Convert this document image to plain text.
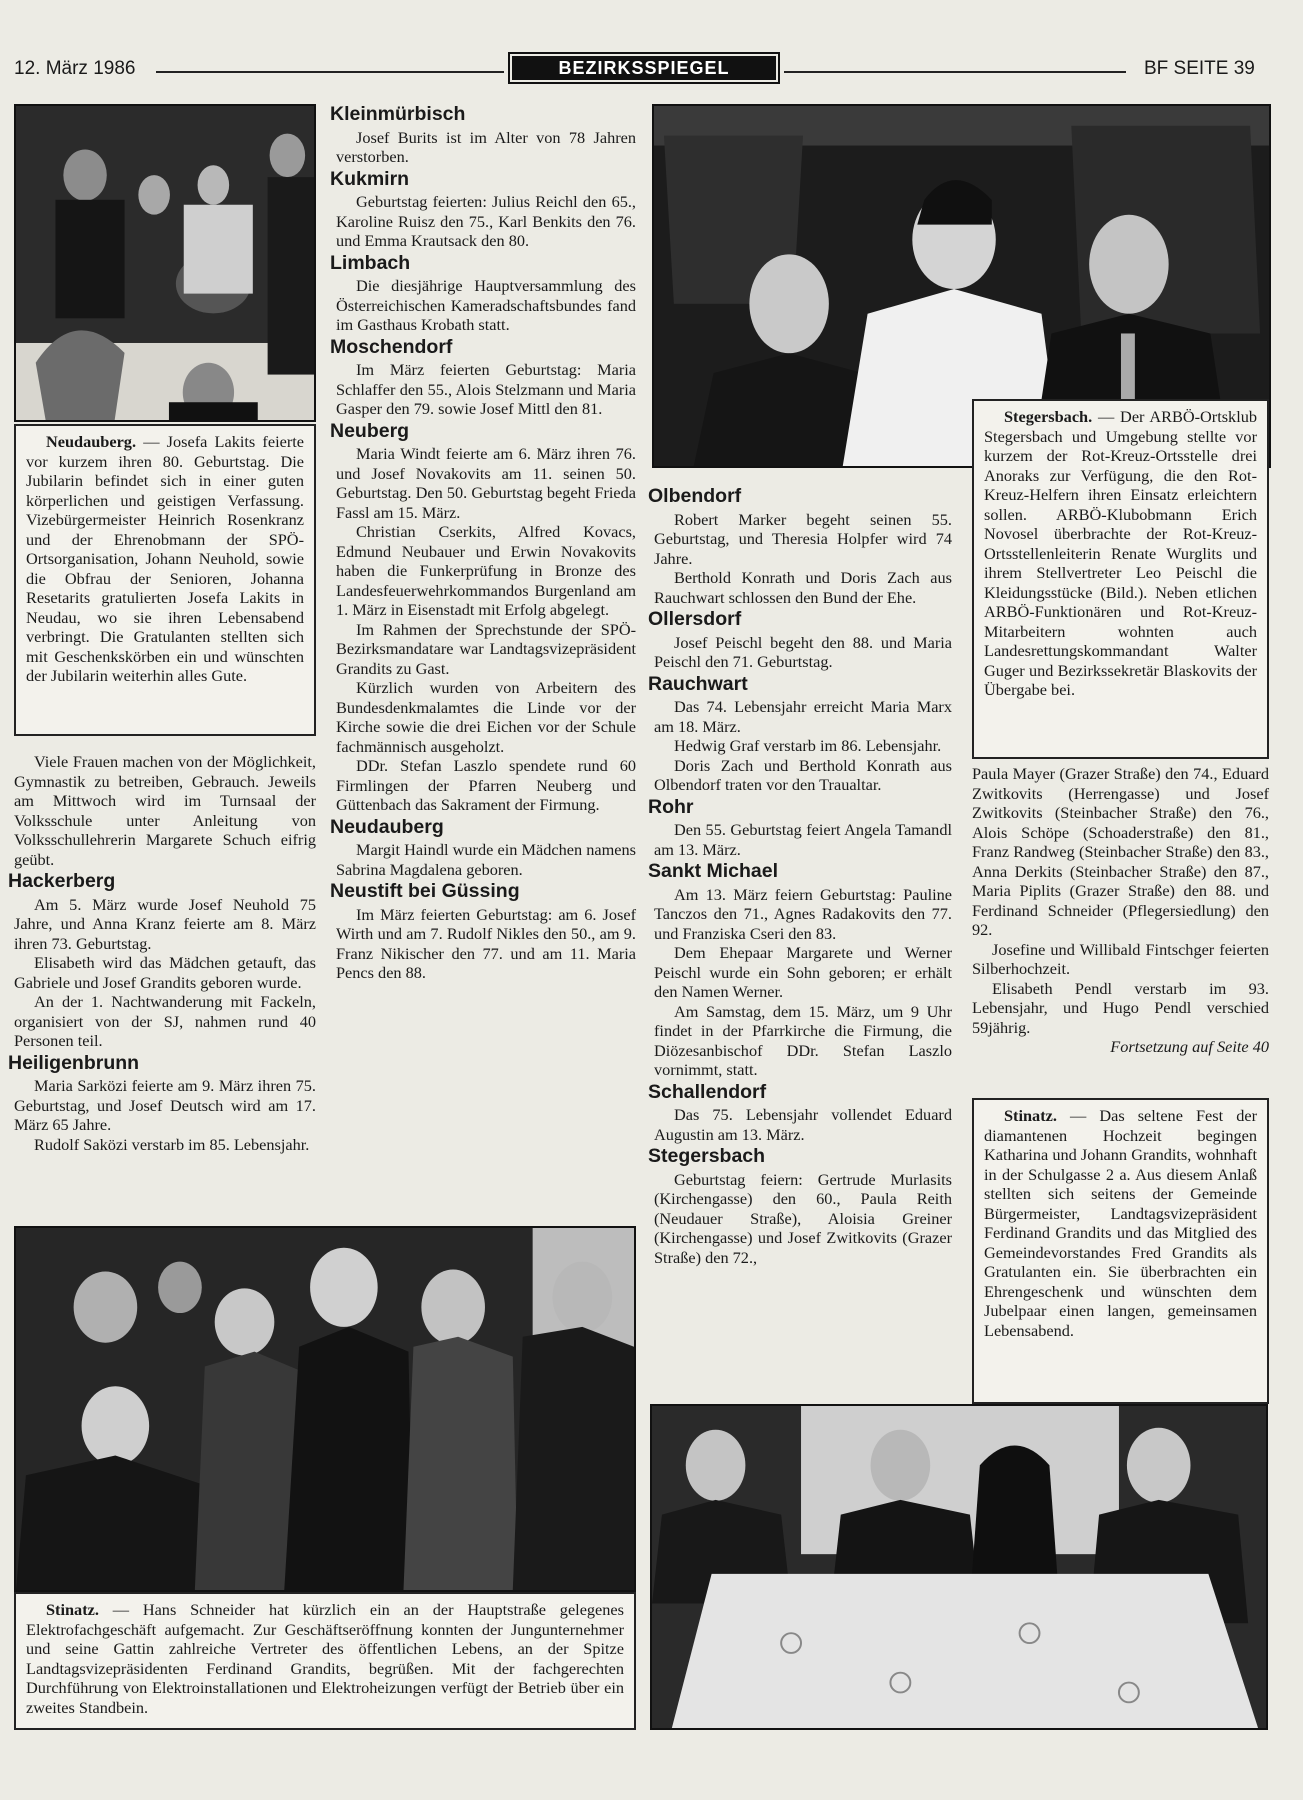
12. März 1986	BEZIRKSSPIEGEL	BF SEITE 39

Neudauberg. — Josefa Lakits feierte vor kurzem ihren 80. Geburtstag. Die Jubilarin befindet sich in einer guten körperlichen und geistigen Verfassung. Vizebürgermeister Heinrich Rosenkranz und der Ehrenobmann der SPÖ-Ortsorganisation, Johann Neuhold, sowie die Obfrau der Senioren, Johanna Resetarits gratulierten Josefa Lakits in Neudau, wo sie ihren Lebensabend verbringt. Die Gratulanten stellten sich mit Geschenkskörben ein und wünschten der Jubilarin weiterhin alles Gute.

Viele Frauen machen von der Möglichkeit, Gymnastik zu betreiben, Gebrauch. Jeweils am Mittwoch wird im Turnsaal der Volksschule unter Anleitung von Volksschullehrerin Margarete Schuch eifrig geübt.

Hackerberg

Am 5. März wurde Josef Neuhold 75 Jahre, und Anna Kranz feierte am 8. März ihren 73. Geburtstag.

Elisabeth wird das Mädchen getauft, das Gabriele und Josef Grandits geboren wurde.

An der 1. Nachtwanderung mit Fackeln, organisiert von der SJ, nahmen rund 40 Personen teil.

Heiligenbrunn

Maria Sarközi feierte am 9. März ihren 75. Geburtstag, und Josef Deutsch wird am 17. März 65 Jahre.

Rudolf Saközi verstarb im 85. Lebensjahr.

Kleinmürbisch

Josef Burits ist im Alter von 78 Jahren verstorben.

Kukmirn

Geburtstag feierten: Julius Reichl den 65., Karoline Ruisz den 75., Karl Benkits den 76. und Emma Krautsack den 80.

Limbach

Die diesjährige Hauptversammlung des Österreichischen Kameradschaftsbundes fand im Gasthaus Krobath statt.

Moschendorf

Im März feierten Geburtstag: Maria Schlaffer den 55., Alois Stelzmann und Maria Gasper den 79. sowie Josef Mittl den 81.

Neuberg

Maria Windt feierte am 6. März ihren 76. und Josef Novakovits am 11. seinen 50. Geburtstag. Den 50. Geburtstag begeht Frieda Fassl am 15. März.

Christian Cserkits, Alfred Kovacs, Edmund Neubauer und Erwin Novakovits haben die Funkerprüfung in Bronze des Landesfeuerwehrkommandos Burgenland am 1. März in Eisenstadt mit Erfolg abgelegt.

Im Rahmen der Sprechstunde der SPÖ-Bezirksmandatare war Landtagsvizepräsident Grandits zu Gast.

Kürzlich wurden von Arbeitern des Bundesdenkmalamtes die Linde vor der Kirche sowie die drei Eichen vor der Schule fachmännisch ausgeholzt.

DDr. Stefan Laszlo spendete rund 60 Firmlingen der Pfarren Neuberg und Güttenbach das Sakrament der Firmung.

Neudauberg

Margit Haindl wurde ein Mädchen namens Sabrina Magdalena geboren.

Neustift bei Güssing

Im März feierten Geburtstag: am 6. Josef Wirth und am 7. Rudolf Nikles den 50., am 9. Franz Nikischer den 77. und am 11. Maria Pencs den 88.

Stegersbach. — Der ARBÖ-Ortsklub Stegersbach und Umgebung stellte vor kurzem der Rot-Kreuz-Ortsstelle drei Anoraks zur Verfügung, die den Rot-Kreuz-Helfern ihren Einsatz erleichtern sollen. ARBÖ-Klubobmann Erich Novosel überbrachte der Rot-Kreuz-Ortsstellenleiterin Renate Wurglits und ihrem Stellvertreter Leo Peischl die Kleidungsstücke (Bild.). Neben etlichen ARBÖ-Funktionären und Rot-Kreuz-Mitarbeitern wohnten auch Landesrettungskommandant Walter Guger und Bezirkssekretär Blaskovits der Übergabe bei.

Olbendorf

Robert Marker begeht seinen 55. Geburtstag, und Theresia Holpfer wird 74 Jahre.

Berthold Konrath und Doris Zach aus Rauchwart schlossen den Bund der Ehe.

Ollersdorf

Josef Peischl begeht den 88. und Maria Peischl den 71. Geburtstag.

Rauchwart

Das 74. Lebensjahr erreicht Maria Marx am 18. März.

Hedwig Graf verstarb im 86. Lebensjahr.

Doris Zach und Berthold Konrath aus Olbendorf traten vor den Traualtar.

Rohr

Den 55. Geburtstag feiert Angela Tamandl am 13. März.

Sankt Michael

Am 13. März feiern Geburtstag: Pauline Tanczos den 71., Agnes Radakovits den 77. und Franziska Cseri den 83.

Dem Ehepaar Margarete und Werner Peischl wurde ein Sohn geboren; er erhält den Namen Werner.

Am Samstag, dem 15. März, um 9 Uhr findet in der Pfarrkirche die Firmung, die Diözesanbischof DDr. Stefan Laszlo vornimmt, statt.

Schallendorf

Das 75. Lebensjahr vollendet Eduard Augustin am 13. März.

Stegersbach

Geburtstag feiern: Gertrude Murlasits (Kirchengasse) den 60., Paula Reith (Neudauer Straße), Aloisia Greiner (Kirchengasse) und Josef Zwitkovits (Grazer Straße) den 72.,

Paula Mayer (Grazer Straße) den 74., Eduard Zwitkovits (Herrengasse) und Josef Zwitkovits (Steinbacher Straße) den 76., Alois Schöpe (Schoaderstraße) den 81., Franz Randweg (Steinbacher Straße) den 83., Anna Derkits (Steinbacher Straße) den 87., Maria Piplits (Grazer Straße) den 88. und Ferdinand Schneider (Pflegersiedlung) den 92.

Josefine und Willibald Fintschger feierten Silberhochzeit.

Elisabeth Pendl verstarb im 93. Lebensjahr, und Hugo Pendl verschied 59jährig.

Fortsetzung auf Seite 40

Stinatz. — Das seltene Fest der diamantenen Hochzeit begingen Katharina und Johann Grandits, wohnhaft in der Schulgasse 2 a. Aus diesem Anlaß stellten sich seitens der Gemeinde Bürgermeister, Landtagsvizepräsident Ferdinand Grandits und das Mitglied des Gemeindevorstandes Fred Grandits als Gratulanten ein. Sie überbrachten ein Ehrengeschenk und wünschten dem Jubelpaar einen langen, gemeinsamen Lebensabend.

Stinatz. — Hans Schneider hat kürzlich ein an der Hauptstraße gelegenes Elektrofachgeschäft aufgemacht. Zur Geschäftseröffnung konnten der Jungunternehmer und seine Gattin zahlreiche Vertreter des öffentlichen Lebens, an der Spitze Landtagsvizepräsidenten Ferdinand Grandits, begrüßen. Mit der fachgerechten Durchführung von Elektroinstallationen und Elektroheizungen verfügt der Betrieb über ein zweites Standbein.
